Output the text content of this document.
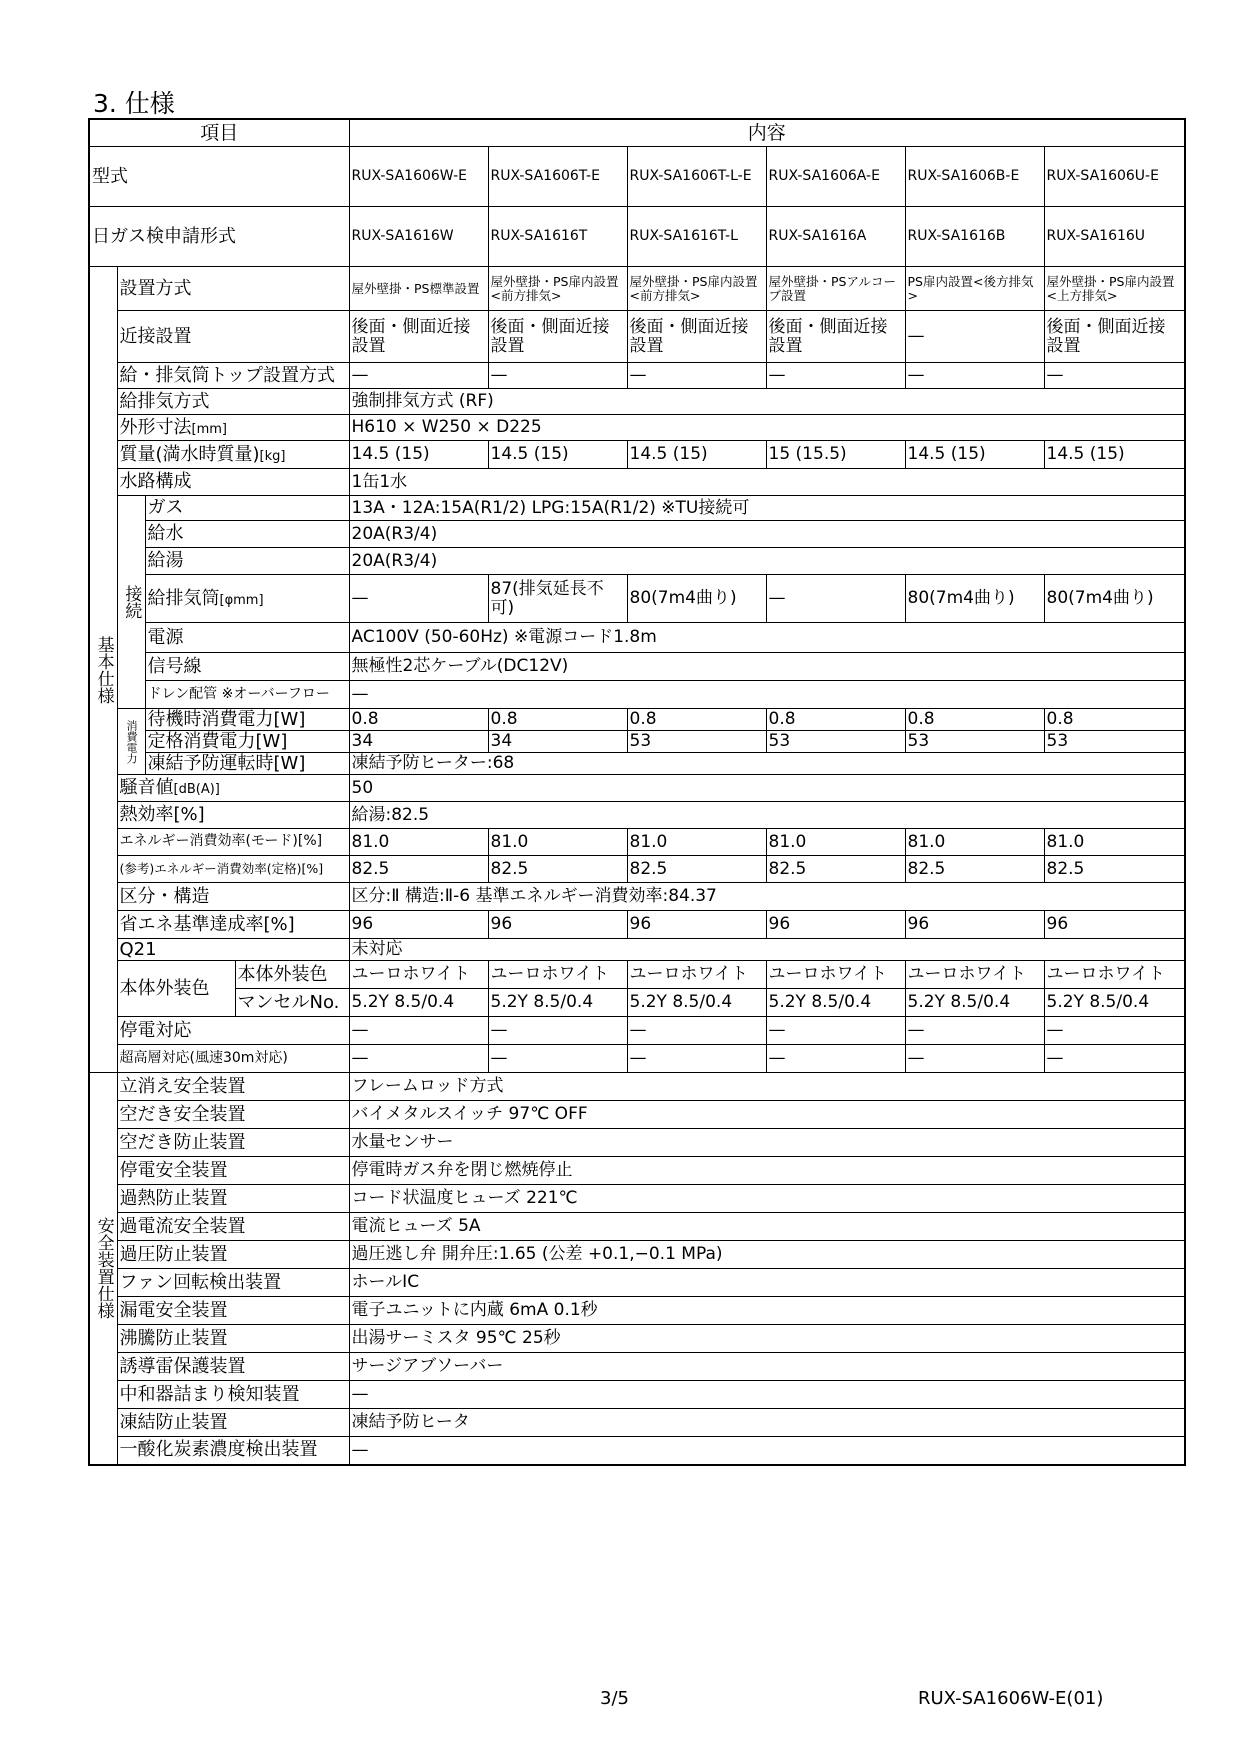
3. 仕様
項目				内容					
型式				RUX-SA1606W-E	RUX-SA1606T-E	RUX-SA1606T-L-E	RUX-SA1606A-E	RUX-SA1606B-E	RUX-SA1606U-E
日ガス検申請形式				RUX-SA1616W	RUX-SA1616T	RUX-SA1616T-L	RUX-SA1616A	RUX-SA1616B	RUX-SA1616U

基本仕様	設置方式			屋外壁掛・PS標準設置	屋外壁掛・PS扉内設置<前方排気>	屋外壁掛・PS扉内設置<前方排気>	屋外壁掛・PSアルコーブ設置	PS扉内設置<後方排気>	屋外壁掛・PS扉内設置<上方排気>
	近接設置			後面・側面近接設置	後面・側面近接設置	後面・側面近接設置	後面・側面近接設置	—	後面・側面近接設置
	給・排気筒トップ設置方式			—	—	—	—	—	—
	給排気方式			強制排気方式 (RF)					
	外形寸法[mm]			H610 × W250 × D225					
	質量(満水時質量)[kg]			14.5 (15)	14.5 (15)	14.5 (15)	15 (15.5)	14.5 (15)	14.5 (15)
	水路構成			1缶1水					

	接続	ガス		13A・12A:15A(R1/2) LPG:15A(R1/2) ※TU接続可					
		給水		20A(R3/4)					
		給湯		20A(R3/4)					
		給排気筒[φmm]		—	87(排気延長不可)	80(7m4曲り)	—	80(7m4曲り)	80(7m4曲り)
		電源		AC100V (50-60Hz) ※電源コード1.8m					
		信号線		無極性2芯ケーブル(DC12V)					
		ドレン配管 ※オーバーフロー		—					

	消費電力	待機時消費電力[W]		0.8	0.8	0.8	0.8	0.8	0.8
		定格消費電力[W]		34	34	53	53	53	53
		凍結予防運転時[W]		凍結予防ヒーター:68					
	騒音値[dB(A)]			50					
	熱効率[%]			給湯:82.5					
	エネルギー消費効率(モード)[%]			81.0	81.0	81.0	81.0	81.0	81.0
	(参考)エネルギー消費効率(定格)[%]			82.5	82.5	82.5	82.5	82.5	82.5
	区分・構造			区分:Ⅱ 構造:Ⅱ-6 基準エネルギー消費効率:84.37					
	省エネ基準達成率[%]			96	96	96	96	96	96
	Q21			未対応					
	本体外装色		本体外装色	ユーロホワイト	ユーロホワイト	ユーロホワイト	ユーロホワイト	ユーロホワイト	ユーロホワイト
			マンセルNo.	5.2Y 8.5/0.4	5.2Y 8.5/0.4	5.2Y 8.5/0.4	5.2Y 8.5/0.4	5.2Y 8.5/0.4	5.2Y 8.5/0.4
	停電対応			—	—	—	—	—	—
	超高層対応(風速30m対応)			—	—	—	—	—	—

安全装置仕様	立消え安全装置			フレームロッド方式					
	空だき安全装置			バイメタルスイッチ 97℃ OFF					
	空だき防止装置			水量センサー					
	停電安全装置			停電時ガス弁を閉じ燃焼停止					
	過熱防止装置			コード状温度ヒューズ 221℃					
	過電流安全装置			電流ヒューズ 5A					
	過圧防止装置			過圧逃し弁 開弁圧:1.65 (公差 +0.1,−0.1 MPa)					
	ファン回転検出装置			ホールIC					
	漏電安全装置			電子ユニットに内蔵 6mA 0.1秒					
	沸騰防止装置			出湯サーミスタ 95℃ 25秒					
	誘導雷保護装置			サージアブソーバー					
	中和器詰まり検知装置			—					
	凍結防止装置			凍結予防ヒータ					
	一酸化炭素濃度検出装置			—					
3/5	RUX-SA1606W-E(01)
